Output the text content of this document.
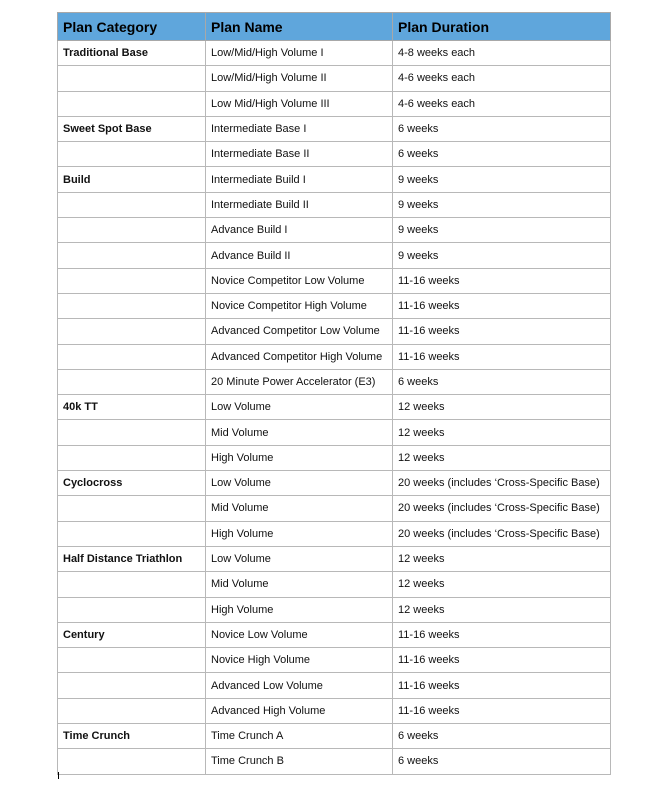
Plan Category	Plan Name	Plan Duration
Traditional Base	Low/Mid/High Volume I	4-8 weeks each
	Low/Mid/High Volume II	4-6 weeks each
	Low Mid/High Volume III	4-6 weeks each
Sweet Spot Base	Intermediate Base I	6 weeks
	Intermediate Base II	6 weeks
Build	Intermediate Build I	9 weeks
	Intermediate Build II	9 weeks
	Advance Build I	9 weeks
	Advance Build II	9 weeks
	Novice Competitor Low Volume	11-16 weeks
	Novice Competitor High Volume	11-16 weeks
	Advanced Competitor Low Volume	11-16 weeks
	Advanced Competitor High Volume	11-16 weeks
	20 Minute Power Accelerator (E3)	6 weeks
40k TT	Low Volume	12 weeks
	Mid Volume	12 weeks
	High Volume	12 weeks
Cyclocross	Low Volume	20 weeks (includes ‘Cross-Specific Base)
	Mid Volume	20 weeks (includes ‘Cross-Specific Base)
	High Volume	20 weeks (includes ‘Cross-Specific Base)
Half Distance Triathlon	Low Volume	12 weeks
	Mid Volume	12 weeks
	High Volume	12 weeks
Century	Novice Low Volume	11-16 weeks
	Novice High Volume	11-16 weeks
	Advanced Low Volume	11-16 weeks
	Advanced High Volume	11-16 weeks
Time Crunch	Time Crunch A	6 weeks
	Time Crunch B	6 weeks
